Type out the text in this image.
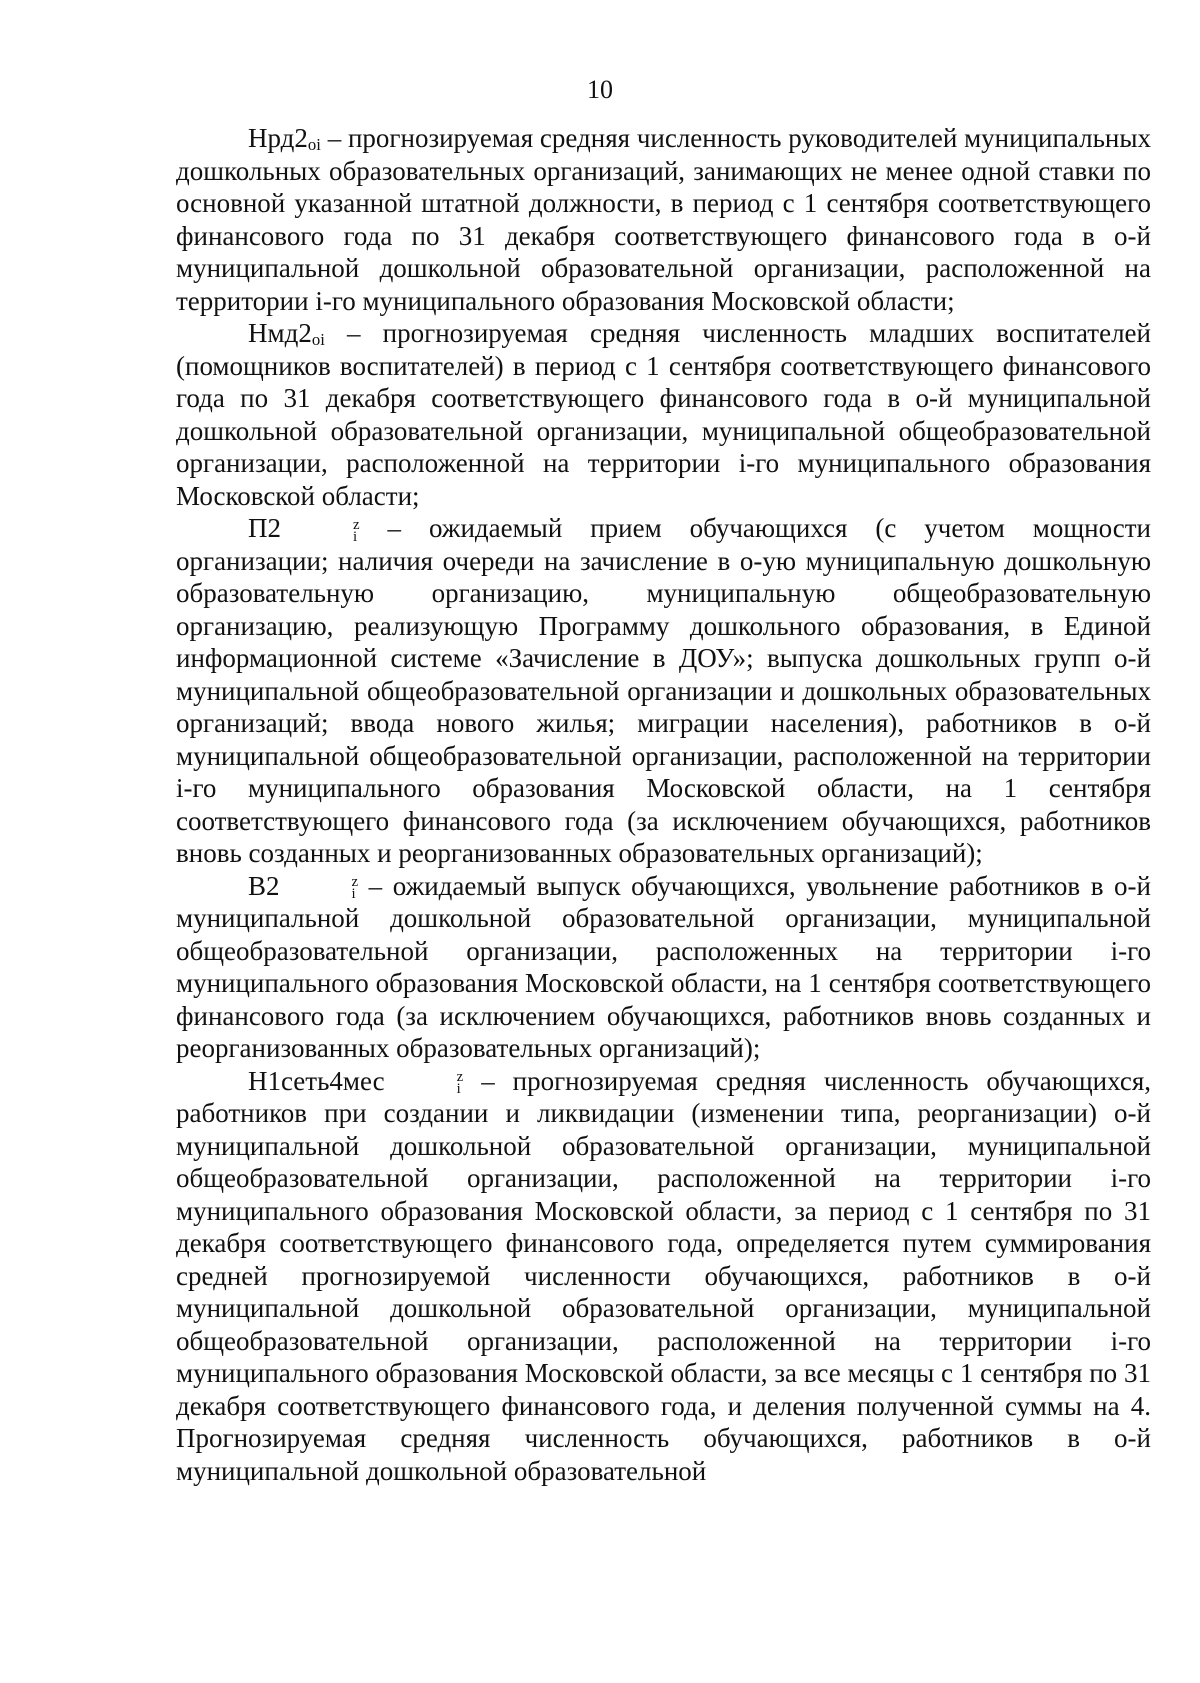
10

Нрд2оi – прогнозируемая средняя численность руководителей муниципальных дошкольных образовательных организаций, занимающих не менее одной ставки по основной указанной штатной должности, в период с 1 сентября соответствующего финансового года по 31 декабря соответствующего финансового года в о-й муниципальной дошкольной образовательной организации, расположенной на территории i-го муниципального образования Московской области;

Нмд2оi – прогнозируемая средняя численность младших воспитателей (помощников воспитателей) в период с 1 сентября соответствующего финансового года по 31 декабря соответствующего финансового года в о-й муниципальной дошкольной образовательной организации, муниципальной общеобразовательной организации, расположенной на территории i-го муниципального образования Московской области;

П2	z
i – ожидаемый прием обучающихся (с учетом мощности организации; наличия очереди на зачисление в о-ую муниципальную дошкольную образовательную организацию, муниципальную общеобразовательную организацию, реализующую Программу дошкольного образования, в Единой информационной системе «Зачисление в ДОУ»; выпуска дошкольных групп о-й муниципальной общеобразовательной организации и дошкольных образовательных организаций; ввода нового жилья; миграции населения), работников в о-й муниципальной общеобразовательной организации, расположенной на территории i-го муниципального образования Московской области, на 1 сентября соответствующего финансового года (за исключением обучающихся, работников вновь созданных и реорганизованных образовательных организаций);

В2	z
i – ожидаемый выпуск обучающихся, увольнение работников в о-й муниципальной дошкольной образовательной организации, муниципальной общеобразовательной организации, расположенных на территории i-го муниципального образования Московской области, на 1 сентября соответствующего финансового года (за исключением обучающихся, работников вновь созданных и реорганизованных образовательных организаций);

Н1сеть4мес	z
i – прогнозируемая средняя численность обучающихся, работников при создании и ликвидации (изменении типа, реорганизации) о-й муниципальной дошкольной образовательной организации, муниципальной общеобразовательной организации, расположенной на территории i-го муниципального образования Московской области, за период с 1 сентября по 31 декабря соответствующего финансового года, определяется путем суммирования средней прогнозируемой численности обучающихся, работников в о-й муниципальной дошкольной образовательной организации, муниципальной общеобразовательной организации, расположенной на территории i-го муниципального образования Московской области, за все месяцы с 1 сентября по 31 декабря соответствующего финансового года, и деления полученной суммы на 4. Прогнозируемая средняя численность обучающихся, работников в о-й муниципальной дошкольной образовательной
